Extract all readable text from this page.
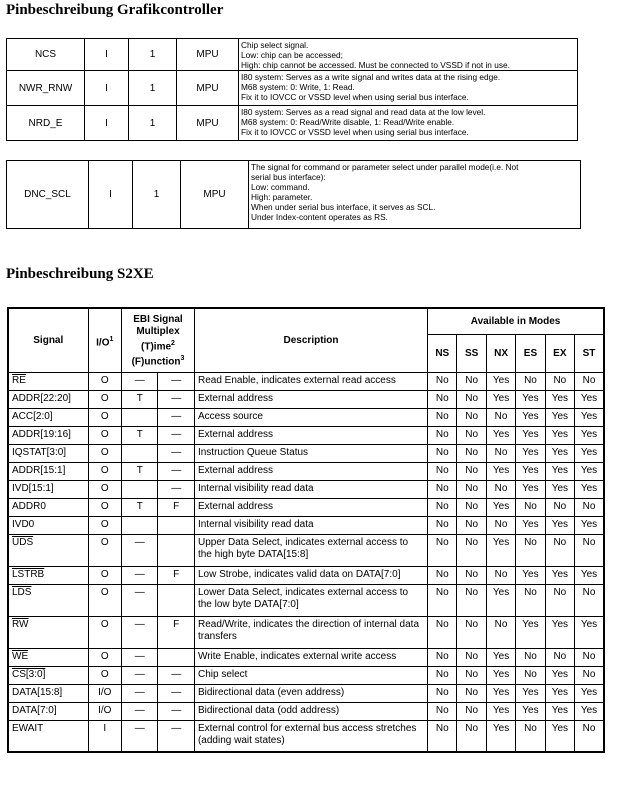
Pinbeschreibung Grafikcontroller
NCS	I	1	MPU	Chip select signal.
Low: chip can be accessed;
High: chip cannot be accessed. Must be connected to VSSD if not in use.
NWR_RNW	I	1	MPU	I80 system: Serves as a write signal and writes data at the rising edge.
M68 system: 0: Write, 1: Read.
Fix it to IOVCC or VSSD level when using serial bus interface.
NRD_E	I	1	MPU	I80 system: Serves as a read signal and read data at the low level.
M68 system: 0: Read/Write disable, 1: Read/Write enable.
Fix it to IOVCC or VSSD level when using serial bus interface.
DNC_SCL	I	1	MPU	The signal for command or parameter select under parallel mode(i.e. Not
serial bus interface):
Low: command.
High: parameter.
When under serial bus interface, it serves as SCL.
Under Index-content operates as RS.
Pinbeschreibung S2XE
Signal	$I/O^1$	EBI Signal
Multiplex
(T)ime$^2$
(F)unction$^3$		Description	Available in Modes					
					NS	SS	NX	ES	EX	ST
$\overline{RE}$	O	—	—	Read Enable, indicates external read access	No	No	Yes	No	No	No
ADDR[22:20]	O	T	—	External address	No	No	Yes	Yes	Yes	Yes
ACC[2:0]	O		—	Access source	No	No	No	Yes	Yes	Yes
ADDR[19:16]	O	T	—	External address	No	No	Yes	Yes	Yes	Yes
IQSTAT[3:0]	O		—	Instruction Queue Status	No	No	No	Yes	Yes	Yes
ADDR[15:1]	O	T	—	External address	No	No	Yes	Yes	Yes	Yes
IVD[15:1]	O		—	Internal visibility read data	No	No	No	Yes	Yes	Yes
ADDR0	O	T	F	External address	No	No	Yes	No	No	No
IVD0	O			Internal visibility read data	No	No	No	Yes	Yes	Yes
$\overline{UDS}$	O	—		Upper Data Select, indicates external access to the high byte DATA[15:8]	No	No	Yes	No	No	No
LSTRB	O	—	F	Low Strobe, indicates valid data on DATA[7:0]	No	No	No	Yes	Yes	Yes
$\overline{LDS}$	O	—		Lower Data Select, indicates external access to the low byte DATA[7:0]	No	No	Yes	No	No	No
$\overline{RW}$	O	—	F	Read/Write, indicates the direction of internal data transfers	No	No	No	Yes	Yes	Yes
$\overline{WE}$	O	—		Write Enable, indicates external write access	No	No	Yes	No	No	No
CS[3:0]	O	—	—	Chip select	No	No	Yes	No	Yes	No
DATA[15:8]	I/O	—	—	Bidirectional data (even address)	No	No	Yes	Yes	Yes	Yes
DATA[7:0]	I/O	—	—	Bidirectional data (odd address)	No	No	Yes	Yes	Yes	Yes
EWAIT	I	—	—	External control for external bus access stretches (adding wait states)	No	No	Yes	No	Yes	No
